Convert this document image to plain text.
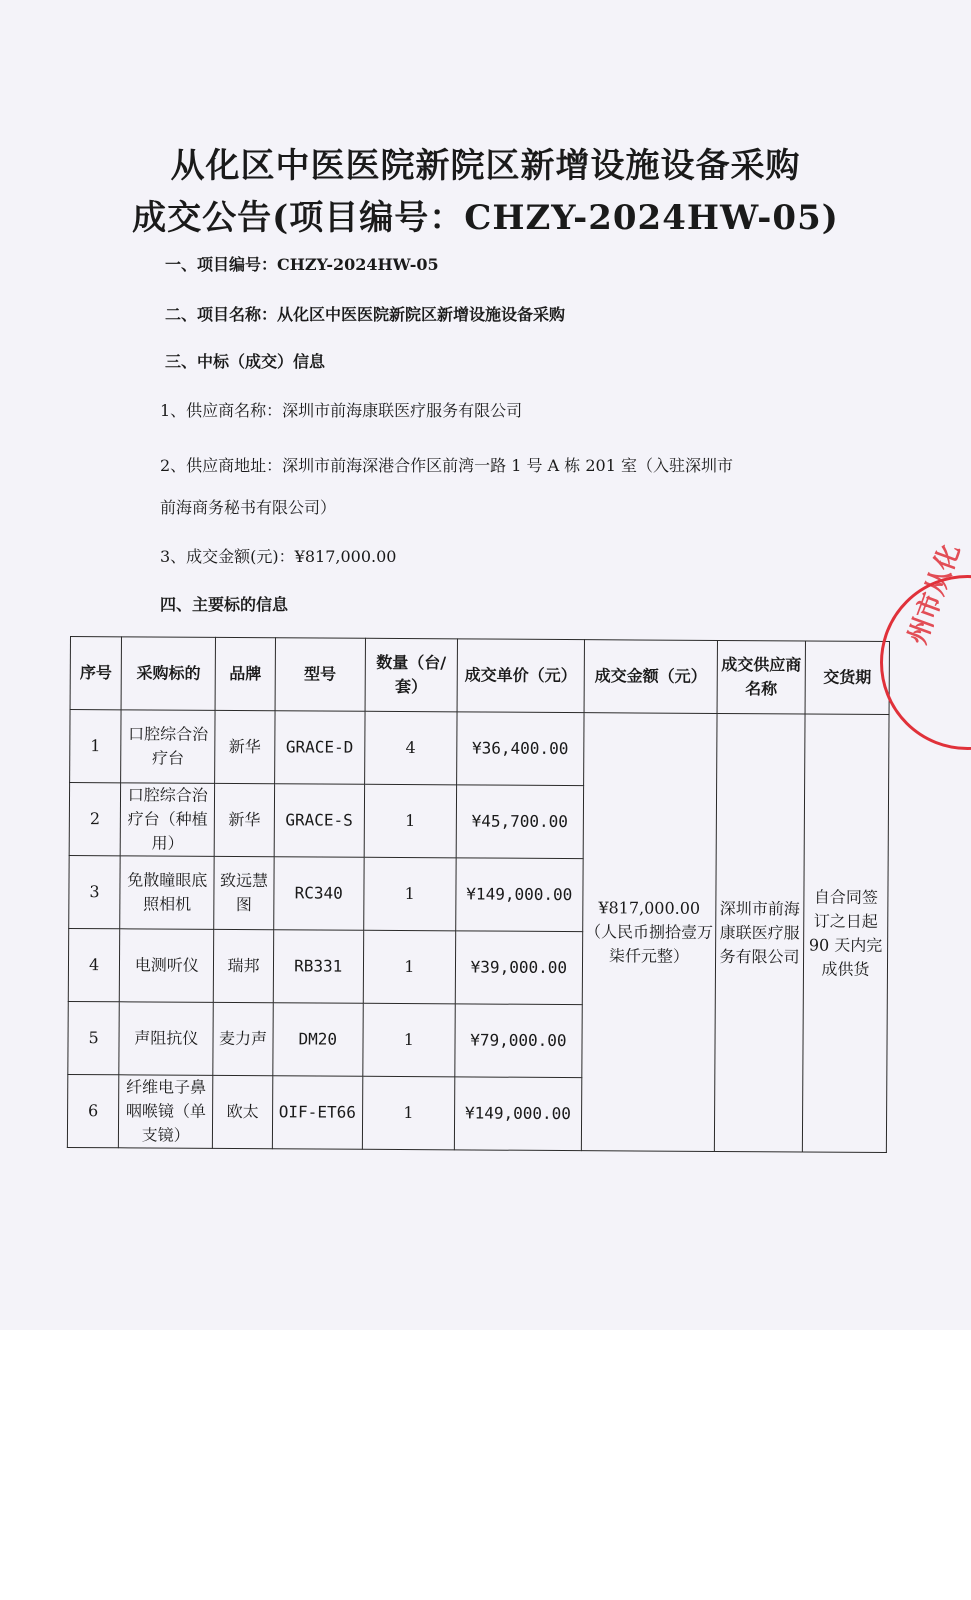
从化区中医医院新院区新增设施设备采购
成交公告(项目编号：CHZY-2024HW-05)
一、项目编号：CHZY-2024HW-05
二、项目名称：从化区中医医院新院区新增设施设备采购
三、中标（成交）信息
1、供应商名称：深圳市前海康联医疗服务有限公司
2、供应商地址：深圳市前海深港合作区前湾一路 1 号 A 栋 201 室（入驻深圳市
前海商务秘书有限公司）
3、成交金额(元)：¥817,000.00
四、主要标的信息
序号	采购标的	品牌	型号	数量（台/套）	成交单价（元）	成交金额（元）	成交供应商名称	交货期
1	口腔综合治疗台	新华	GRACE-D	4	¥36,400.00	¥817,000.00（人民币捌拾壹万柒仟元整）	深圳市前海康联医疗服务有限公司	自合同签订之日起 90 天内完成供货
2	口腔综合治疗台（种植用）	新华	GRACE-S	1	¥45,700.00			
3	免散瞳眼底照相机	致远慧图	RC340	1	¥149,000.00			
4	电测听仪	瑞邦	RB331	1	¥39,000.00			
5	声阻抗仪	麦力声	DM20	1	¥79,000.00			
6	纤维电子鼻咽喉镜（单支镜）	欧太	OIF-ET66	1	¥149,000.00			
州市从化
